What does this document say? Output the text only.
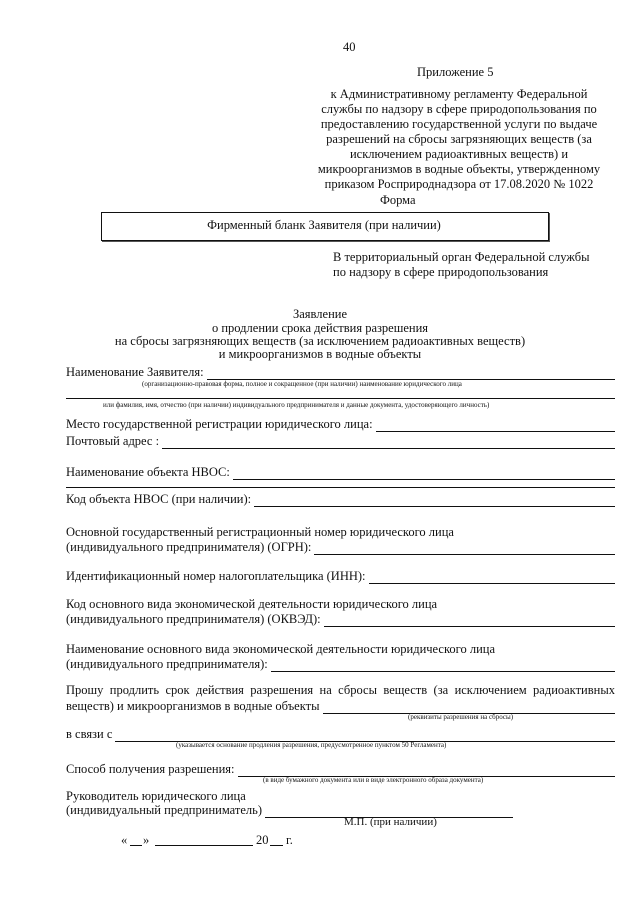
40
Приложение 5
к Административному регламенту Федеральной
службы по надзору в сфере природопользования по
предоставлению государственной услуги по выдаче
разрешений на сбросы загрязняющих веществ (за
исключением радиоактивных веществ) и
микроорганизмов в водные объекты, утвержденному
приказом Росприроднадзора от 17.08.2020 № 1022
Форма
Фирменный бланк Заявителя (при наличии)
В территориальный орган Федеральной службы
по надзору в сфере природопользования
Заявление
о продлении срока действия разрешения
на сбросы загрязняющих веществ (за исключением радиоактивных веществ)
и микроорганизмов в водные объекты
Наименование Заявителя:
(организационно-правовая форма, полное и сокращенное (при наличии) наименование юридического лица
или фамилия, имя, отчество (при наличии) индивидуального предпринимателя и данные документа, удостоверяющего личность)
Место государственной регистрации юридического лица:
Почтовый адрес :
Наименование объекта НВОС:
Код объекта НВОС (при наличии):
Основной государственный регистрационный номер юридического лица
(индивидуального предпринимателя) (ОГРН):
Идентификационный номер налогоплательщика (ИНН):
Код основного вида экономической деятельности юридического лица
(индивидуального предпринимателя) (ОКВЭД):
Наименование основного вида экономической деятельности юридического лица
(индивидуального предпринимателя):
Прошу продлить срок действия разрешения на сбросы веществ (за исключением радиоактивных
веществ) и микроорганизмов в водные объекты
(реквизиты разрешения на сбросы)
в связи с
(указывается основание продления разрешения, предусмотренное пунктом 50 Регламента)
Способ получения разрешения:
(в виде бумажного документа или в виде электронного образа документа)
Руководитель юридического лица
(индивидуальный предприниматель)
М.П. (при наличии)
« »	20 г.
